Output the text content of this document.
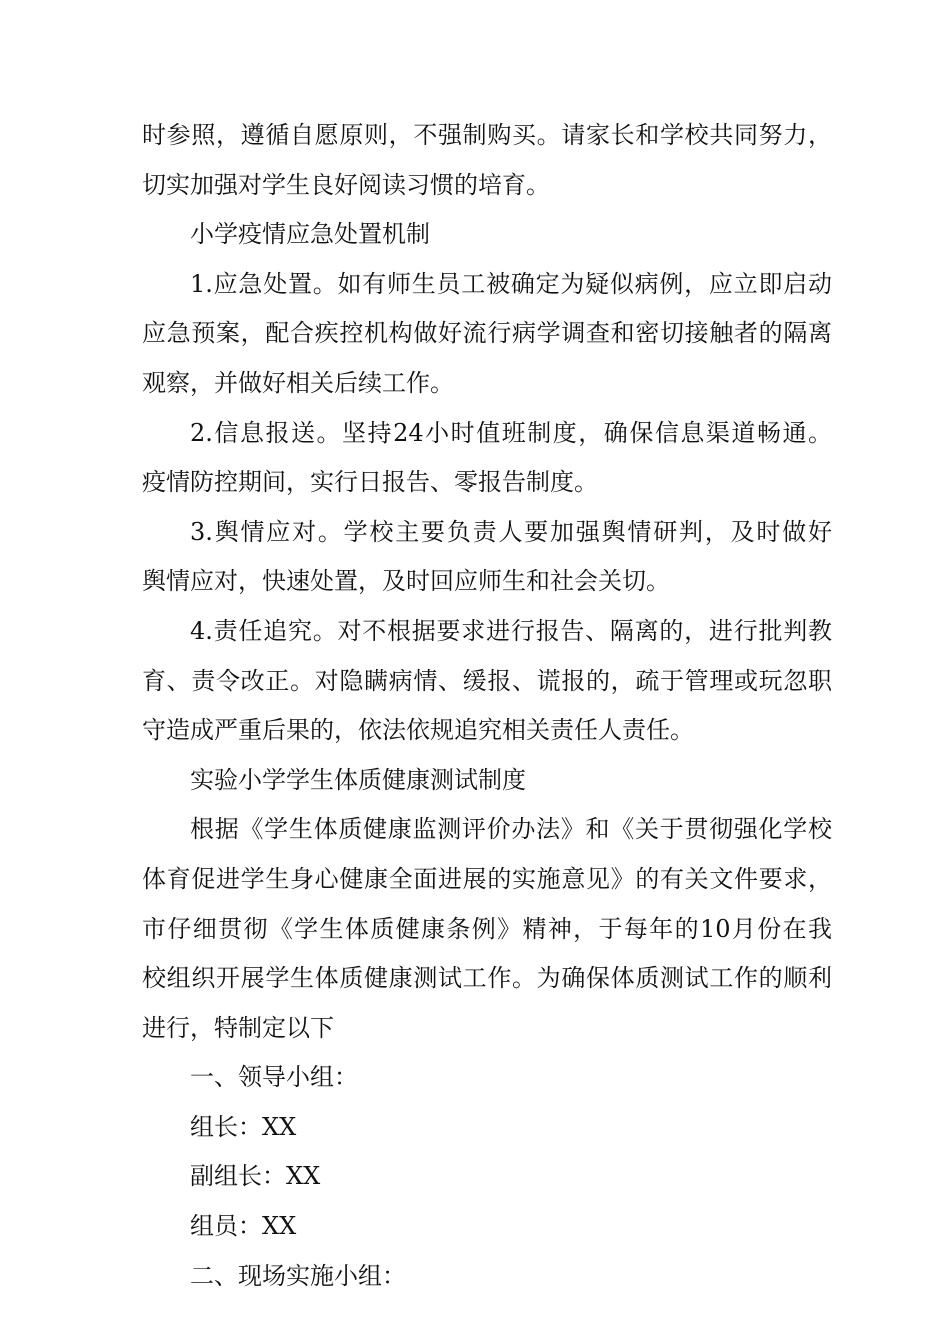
时参照，遵循自愿原则，不强制购买。请家长和学校共同努力，
切实加强对学生良好阅读习惯的培育。
小学疫情应急处置机制
1.应急处置。如有师生员工被确定为疑似病例，应立即启动
应急预案，配合疾控机构做好流行病学调查和密切接触者的隔离
观察，并做好相关后续工作。
2.信息报送。坚持24小时值班制度，确保信息渠道畅通。
疫情防控期间，实行日报告、零报告制度。
3.舆情应对。学校主要负责人要加强舆情研判，及时做好
舆情应对，快速处置，及时回应师生和社会关切。
4.责任追究。对不根据要求进行报告、隔离的，进行批判教
育、责令改正。对隐瞒病情、缓报、谎报的，疏于管理或玩忽职
守造成严重后果的，依法依规追究相关责任人责任。
实验小学学生体质健康测试制度
根据《学生体质健康监测评价办法》和《关于贯彻强化学校
体育促进学生身心健康全面进展的实施意见》的有关文件要求，
市仔细贯彻《学生体质健康条例》精神，于每年的10月份在我
校组织开展学生体质健康测试工作。为确保体质测试工作的顺利
进行，特制定以下
一、领导小组：
组长：XX
副组长：XX
组员：XX
二、现场实施小组：
